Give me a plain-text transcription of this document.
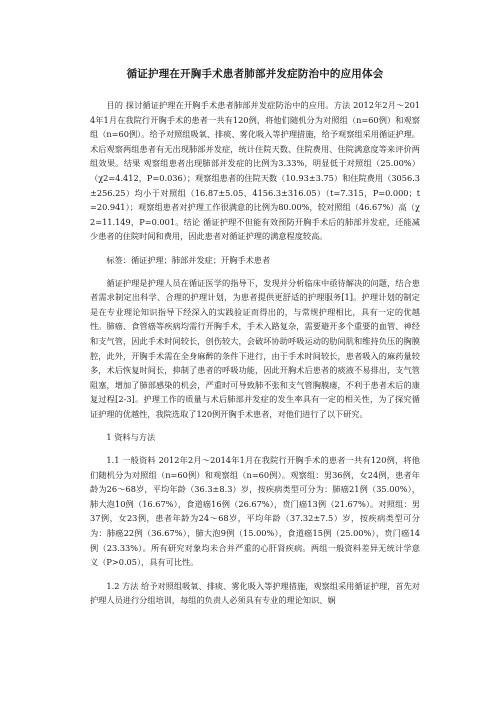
循证护理在开胸手术患者肺部并发症防治中的应用体会

目的 探讨循证护理在开胸手术患者肺部并发症防治中的应用。方法 2012年2月～2014年1月在我院行开胸手术的患者一共有120例，将他们随机分为对照组（n=60例）和观察组（n=60例）。给予对照组吸氧、排痰、雾化吸入等护理措施，给予观察组采用循证护理。术后观察两组患者有无出现肺部并发症，统计住院天数、住院费用、住院满意度等来评价两组效果。结果 观察组患者出现肺部并发症的比例为3.33%，明显低于对照组（25.00%）（χ2=4.412，P=0.036）；观察组患者的住院天数（10.93±3.75）和住院费用（3056.3±256.25）均小于对照组（16.87±5.05、4156.3±316.05）（t=7.315，P=0.000；t=20.941）；观察组患者对护理工作很满意的比例为80.00%，较对照组（46.67%）高（χ2=11.149，P=0.001。结论 循证护理不但能有效预防开胸手术后的肺部并发症，还能减少患者的住院时间和费用，因此患者对循证护理的满意程度较高。

标签：循证护理；肺部并发症；开胸手术患者

循证护理是护理人员在循证医学的指导下，发现并分析临床中亟待解决的问题，结合患者需求制定出科学、合理的护理计划，为患者提供更舒适的护理服务[1]。护理计划的制定是在专业理论知识指导下经深入的实践验证而得出的，与常规护理相比，具有一定的优越性。肺癌、食管癌等疾病均需行开胸手术，手术入路复杂，需要避开多个重要的血管、神经和支气管，因此手术时间较长，创伤较大，会破坏协助呼吸运动的肋间肌和维持负压的胸膜腔，此外，开胸手术需在全身麻醉的条件下进行，由于手术时间较长，患者吸入的麻药量较多，术后恢复时间长，抑制了患者的呼吸功能，因此开胸术后患者的痰液不易排出，支气管阻塞，增加了肺部感染的机会，严重时可导致肺不张和支气管胸膜瘘，不利于患者术后的康复过程[2-3]。护理工作的质量与术后肺部并发症的发生率具有一定的相关性，为了探究循证护理的优越性，我院选取了120例开胸手术患者，对他们进行了以下研究。

1 资料与方法

1.1 一般资料 2012年2月～2014年1月在我院行开胸手术的患者一共有120例，将他们随机分为对照组（n=60例）和观察组（n=60例）。观察组：男36例，女24例，患者年龄为26～68岁，平均年龄（36.3±8.3）岁，按疾病类型可分为：肺癌21例（35.00%），肺大泡10例（16.67%），食道癌16例（26.67%），贲门癌13例（21.67%）。对照组：男37例，女23例，患者年龄为24～68岁，平均年龄（37.32±7.5）岁，按疾病类型可分为：肺癌22例（36.67%），肺大泡9例（15.00%），食道癌15例（25.00%），贲门癌14例（23.33%）。所有研究对象均未合并严重的心肝肾疾病。两组一般资料差异无统计学意义（P>0.05），具有可比性。

1.2 方法 给予对照组吸氧、排痰、雾化吸入等护理措施，观察组采用循证护理，首先对护理人员进行分组培训，每组的负责人必须具有专业的理论知识、娴
